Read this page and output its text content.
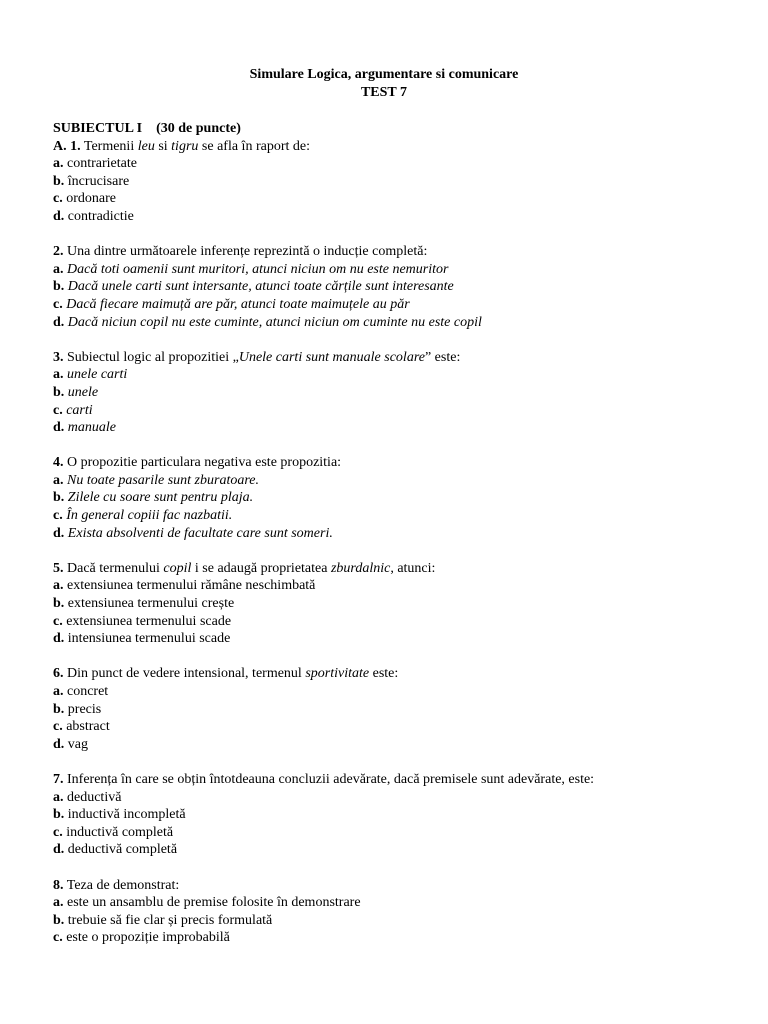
Simulare Logica, argumentare si comunicare
TEST 7
SUBIECTUL I    (30 de puncte)
A. 1. Termenii leu si tigru se afla în raport de:
a. contrarietate
b. încrucisare
c. ordonare
d. contradictie
2. Una dintre următoarele inferențe reprezintă o inducție completă:
a. Dacă toti oamenii sunt muritori, atunci niciun om nu este nemuritor
b. Dacă unele carti sunt intersante, atunci toate cărțile sunt interesante
c. Dacă fiecare maimuță are păr, atunci toate maimuțele au păr
d. Dacă niciun copil nu este cuminte, atunci niciun om cuminte nu este copil
3. Subiectul logic al propozitiei „Unele carti sunt manuale scolare” este:
a. unele carti
b. unele
c. carti
d. manuale
4. O propozitie particulara negativa este propozitia:
a. Nu toate pasarile sunt zburatoare.
b. Zilele cu soare sunt pentru plaja.
c. În general copiii fac nazbatii.
d. Exista absolventi de facultate care sunt someri.
5. Dacă termenului copil i se adaugă proprietatea zburdalnic, atunci:
a. extensiunea termenului rămâne neschimbată
b. extensiunea termenului crește
c. extensiunea termenului scade
d. intensiunea termenului scade
6. Din punct de vedere intensional, termenul sportivitate este:
a. concret
b. precis
c. abstract
d. vag
7. Inferența în care se obțin întotdeauna concluzii adevărate, dacă premisele sunt adevărate, este:
a. deductivă
b. inductivă incompletă
c. inductivă completă
d. deductivă completă
8. Teza de demonstrat:
a. este un ansamblu de premise folosite în demonstrare
b. trebuie să fie clar și precis formulată
c. este o propoziție improbabilă
